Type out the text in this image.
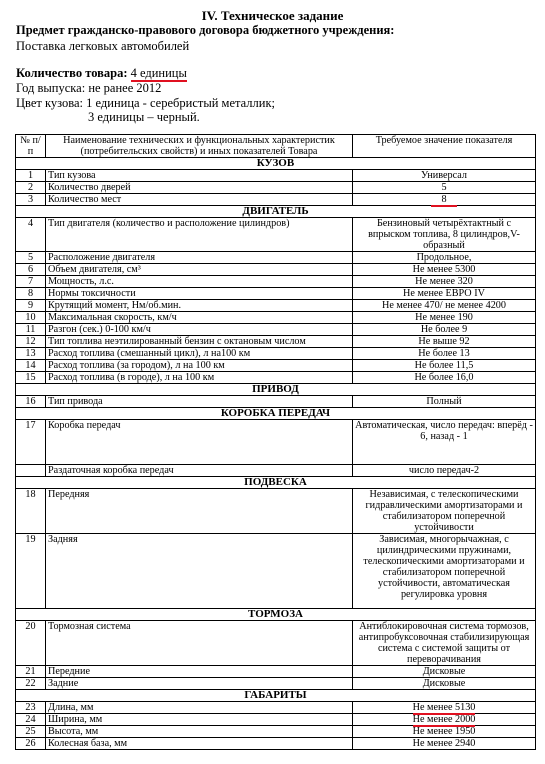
IV. Техническое задание
Предмет гражданско-правового договора бюджетного учреждения:
Поставка легковых автомобилей
Количество товара: 4 единицы
Год выпуска: не ранее 2012
Цвет кузова: 1 единица - серебристый металлик;
3 единицы – черный.
№ п/п	Наименование технических и функциональных характеристик (потребительских свойств) и иных показателей Товара	Требуемое значение показателя
КУЗОВ		
1	Тип кузова	Универсал
2	Количество дверей	5
3	Количество мест	8
ДВИГАТЕЛЬ		
4	Тип двигателя (количество и расположение цилиндров)	Бензиновый четырёхтактный с впрыском топлива, 8 цилиндров,V-образный
5	Расположение двигателя	Продольное,
6	Объем двигателя, см³	Не менее 5300
7	Мощность, л.с.	Не менее 320
8	Нормы токсичности	Не менее ЕВРО IV
9	Крутящий момент, Нм/об.мин.	Не менее 470/ не менее 4200
10	Максимальная скорость, км/ч	Не менее 190
11	Разгон (сек.) 0-100 км/ч	Не более 9
12	Тип топлива неэтилированный бензин с октановым числом	Не выше 92
13	Расход топлива (смешанный цикл), л на100 км	Не более 13
14	Расход топлива (за городом), л на 100 км	Не более 11,5
15	Расход топлива (в городе), л на 100 км	Не более 16,0
ПРИВОД		
16	Тип привода	Полный
КОРОБКА ПЕРЕДАЧ		
17	Коробка передач	Автоматическая, число передач: вперёд - 6, назад - 1
	Раздаточная коробка передач	число передач-2
ПОДВЕСКА		
18	Передняя	Независимая, с телескопическими гидравлическими амортизаторами и стабилизатором поперечной устойчивости
19	Задняя	Зависимая, многорычажная, с цилиндрическими пружинами, телескопическими амортизаторами и стабилизатором поперечной устойчивости, автоматическая регулировка уровня
ТОРМОЗА		
20	Тормозная система	Антиблокировочная система тормозов, антипробуксовочная стабилизирующая система с системой защиты от переворачивания
21	Передние	Дисковые
22	Задние	Дисковые
ГАБАРИТЫ		
23	Длина, мм	Не менее 5130
24	Ширина, мм	Не менее 2000
25	Высота, мм	Не менее 1950
26	Колесная база, мм	Не менее 2940
